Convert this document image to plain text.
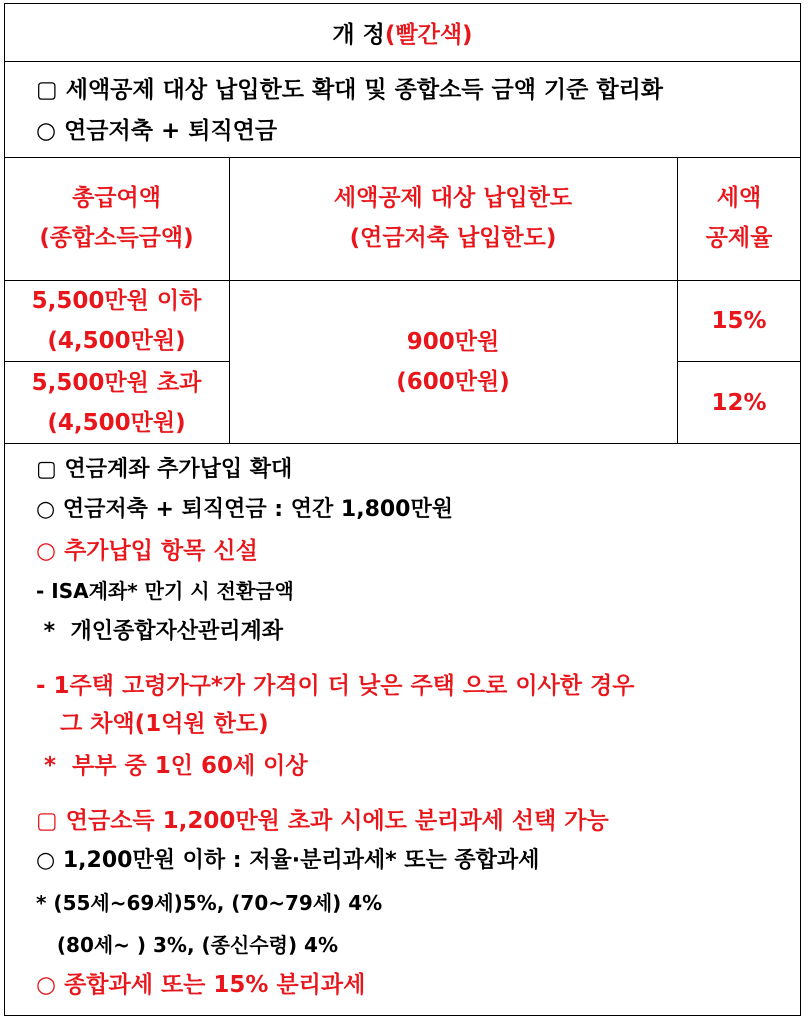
개 정(빨간색)
▢ 세액공제 대상 납입한도 확대 및 종합소득 금액 기준 합리화
○ 연금저축 + 퇴직연금
총급여액
(종합소득금액)
세액공제 대상 납입한도
(연금저축 납입한도)
세액
공제율
5,500만원 이하
(4,500만원)
15%
5,500만원 초과
(4,500만원)
12%
900만원
(600만원)
▢ 연금계좌 추가납입 확대
○ 연금저축 + 퇴직연금 : 연간 1,800만원
○ 추가납입 항목 신설
- ISA계좌* 만기 시 전환금액
*  개인종합자산관리계좌
- 1주택 고령가구*가 가격이 더 낮은 주택 으로 이사한 경우
그 차액(1억원 한도)
*  부부 중 1인 60세 이상
▢ 연금소득 1,200만원 초과 시에도 분리과세 선택 가능
○ 1,200만원 이하 : 저율·분리과세* 또는 종합과세
* (55세~69세)5%, (70~79세) 4%
(80세~ ) 3%, (종신수령) 4%
○ 종합과세 또는 15% 분리과세
